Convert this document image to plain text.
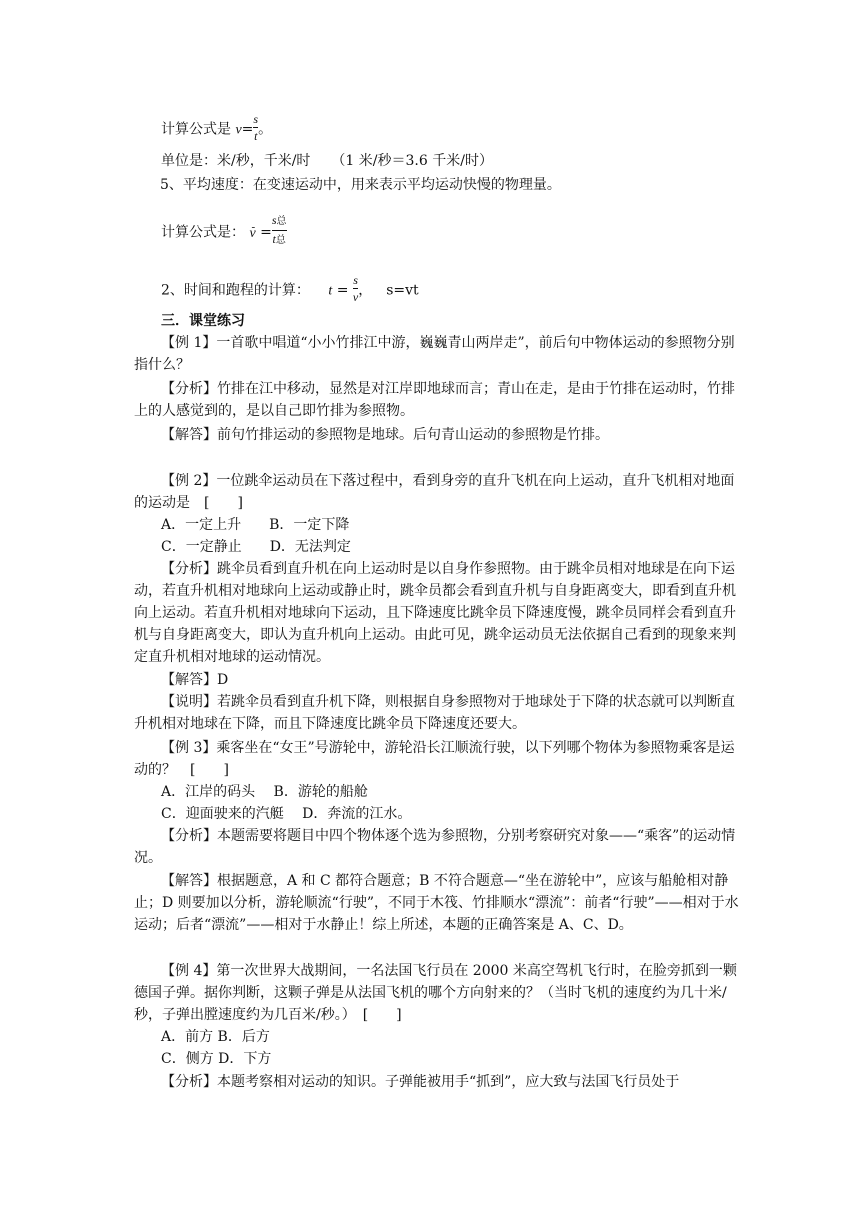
计算公式是 $v= \frac{s}{t}$ 。
单位是：米/秒，千米/时　　（1 米/秒＝3.6 千米/时）
5、平均速度：在变速运动中，用来表示平均运动快慢的物理量。
计算公式是： - $v = \frac{\text{s总}}{\text{t总}}$
2、时间和跑程的计算： $t = \frac{s}{v}$ ， s=vt
三．课堂练习
【例 1】一首歌中唱道“小小竹排江中游，巍巍青山两岸走”，前后句中物体运动的参照物分别指什么？
【分析】竹排在江中移动，显然是对江岸即地球而言；青山在走，是由于竹排在运动时，竹排上的人感觉到的，是以自己即竹排为参照物。
【解答】前句竹排运动的参照物是地球。后句青山运动的参照物是竹排。
【例 2】一位跳伞运动员在下落过程中，看到身旁的直升飞机在向上运动，直升飞机相对地面的运动是　[　　]
A．一定上升　　B．一定下降
C．一定静止　　D．无法判定
【分析】跳伞员看到直升机在向上运动时是以自身作参照物。由于跳伞员相对地球是在向下运动，若直升机相对地球向上运动或静止时，跳伞员都会看到直升机与自身距离变大，即看到直升机向上运动。若直升机相对地球向下运动，且下降速度比跳伞员下降速度慢，跳伞员同样会看到直升机与自身距离变大，即认为直升机向上运动。由此可见，跳伞运动员无法依据自己看到的现象来判定直升机相对地球的运动情况。
【解答】D
【说明】若跳伞员看到直升机下降，则根据自身参照物对于地球处于下降的状态就可以判断直升机相对地球在下降，而且下降速度比跳伞员下降速度还要大。
【例 3】乘客坐在“女王”号游轮中，游轮沿长江顺流行驶，以下列哪个物体为参照物乘客是运动的？　[　　]
A．江岸的码头　 B．游轮的船舱
C．迎面驶来的汽艇　 D．奔流的江水。
【分析】本题需要将题目中四个物体逐个选为参照物，分别考察研究对象——“乘客”的运动情况。
【解答】根据题意，A 和 C 都符合题意；B 不符合题意—“坐在游轮中”，应该与船舱相对静止；D 则要加以分析，游轮顺流“行驶”，不同于木筏、竹排顺水“漂流”：前者“行驶”——相对于水运动；后者“漂流”——相对于水静止！综上所述，本题的正确答案是 A、C、D。
【例 4】第一次世界大战期间，一名法国飞行员在 2000 米高空驾机飞行时，在脸旁抓到一颗德国子弹。据你判断，这颗子弹是从法国飞机的哪个方向射来的？（当时飞机的速度约为几十米/秒，子弹出膛速度约为几百米/秒。）　[　　]
A．前方 B．后方
C．侧方 D．下方
【分析】本题考察相对运动的知识。子弹能被用手“抓到”，应大致与法国飞行员处于
